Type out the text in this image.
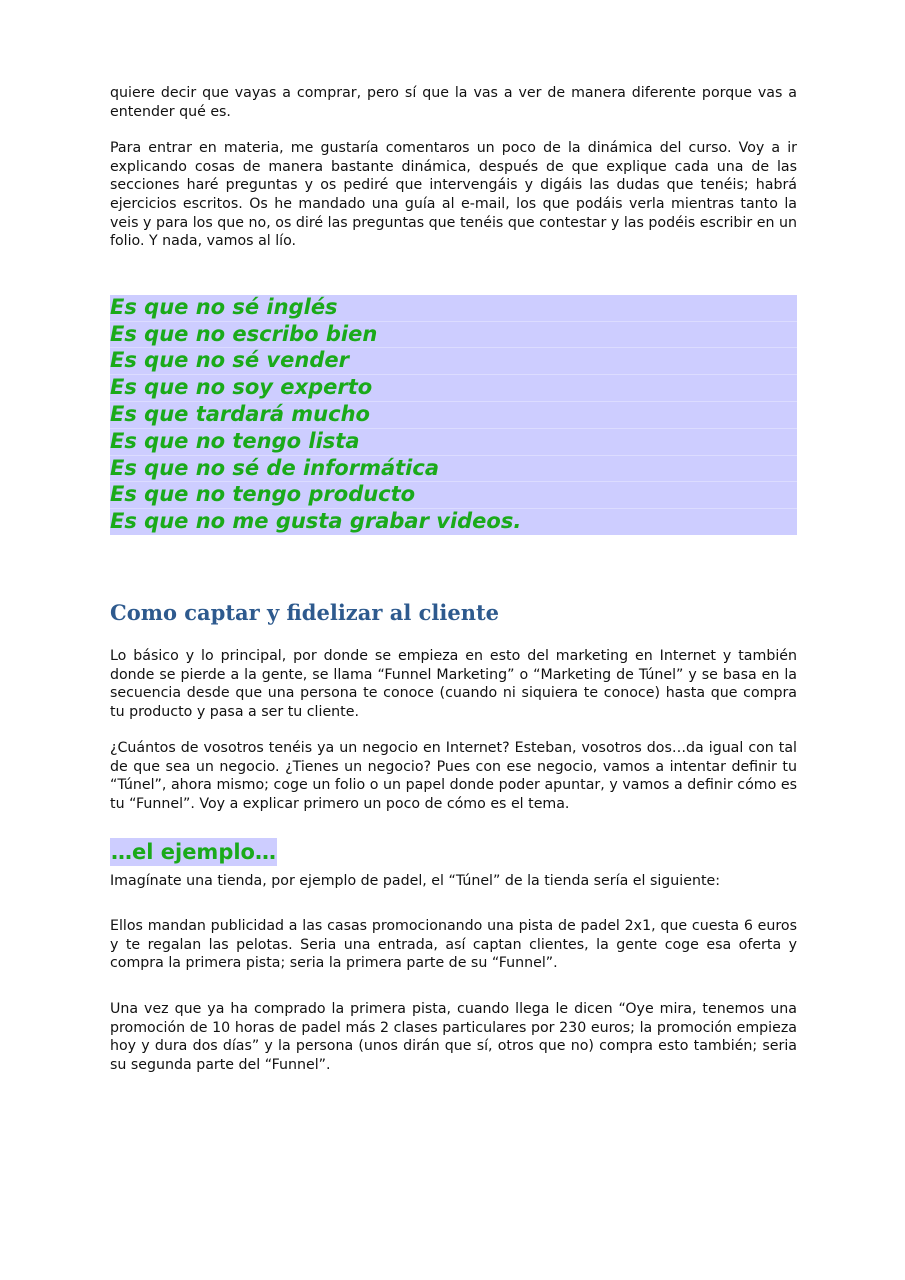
quiere decir que vayas a comprar, pero sí que la vas a ver de manera diferente porque vas a entender qué es.

Para entrar en materia, me gustaría comentaros un poco de la dinámica del curso. Voy a ir explicando cosas de manera bastante dinámica, después de que explique cada una de las secciones haré preguntas y os pediré que intervengáis y digáis las dudas que tenéis; habrá ejercicios escritos. Os he mandado una guía al e-mail, los que podáis verla mientras tanto la veis y para los que no, os diré las preguntas que tenéis que contestar y las podéis escribir en un folio. Y nada, vamos al lío.

Es que no sé inglés
Es que no escribo bien
Es que no sé vender
Es que no soy experto
Es que tardará mucho
Es que no tengo lista
Es que no sé de informática
Es que no tengo producto
Es que no me gusta grabar videos.
Como captar y fidelizar al cliente

Lo básico y lo principal, por donde se empieza en esto del marketing en Internet y también donde se pierde a la gente, se llama “Funnel Marketing” o “Marketing de Túnel” y se basa en la secuencia desde que una persona te conoce (cuando ni siquiera te conoce) hasta que compra tu producto y pasa a ser tu cliente.

¿Cuántos de vosotros tenéis ya un negocio en Internet? Esteban, vosotros dos…da igual con tal de que sea un negocio. ¿Tienes un negocio? Pues con ese negocio, vamos a intentar definir tu “Túnel”, ahora mismo; coge un folio o un papel donde poder apuntar, y vamos a definir cómo es tu “Funnel”. Voy a explicar primero un poco de cómo es el tema.

…el ejemplo…

Imagínate una tienda, por ejemplo de padel, el “Túnel” de la tienda sería el siguiente:

Ellos mandan publicidad a las casas promocionando una pista de padel 2x1, que cuesta 6 euros y te regalan las pelotas. Seria una entrada, así captan clientes, la gente coge esa oferta y compra la primera pista; seria la primera parte de su “Funnel”.

Una vez que ya ha comprado la primera pista, cuando llega le dicen “Oye mira, tenemos una promoción de 10 horas de padel más 2 clases particulares por 230 euros; la promoción empieza hoy y dura dos días” y la persona (unos dirán que sí, otros que no) compra esto también; seria su segunda parte del “Funnel”.
